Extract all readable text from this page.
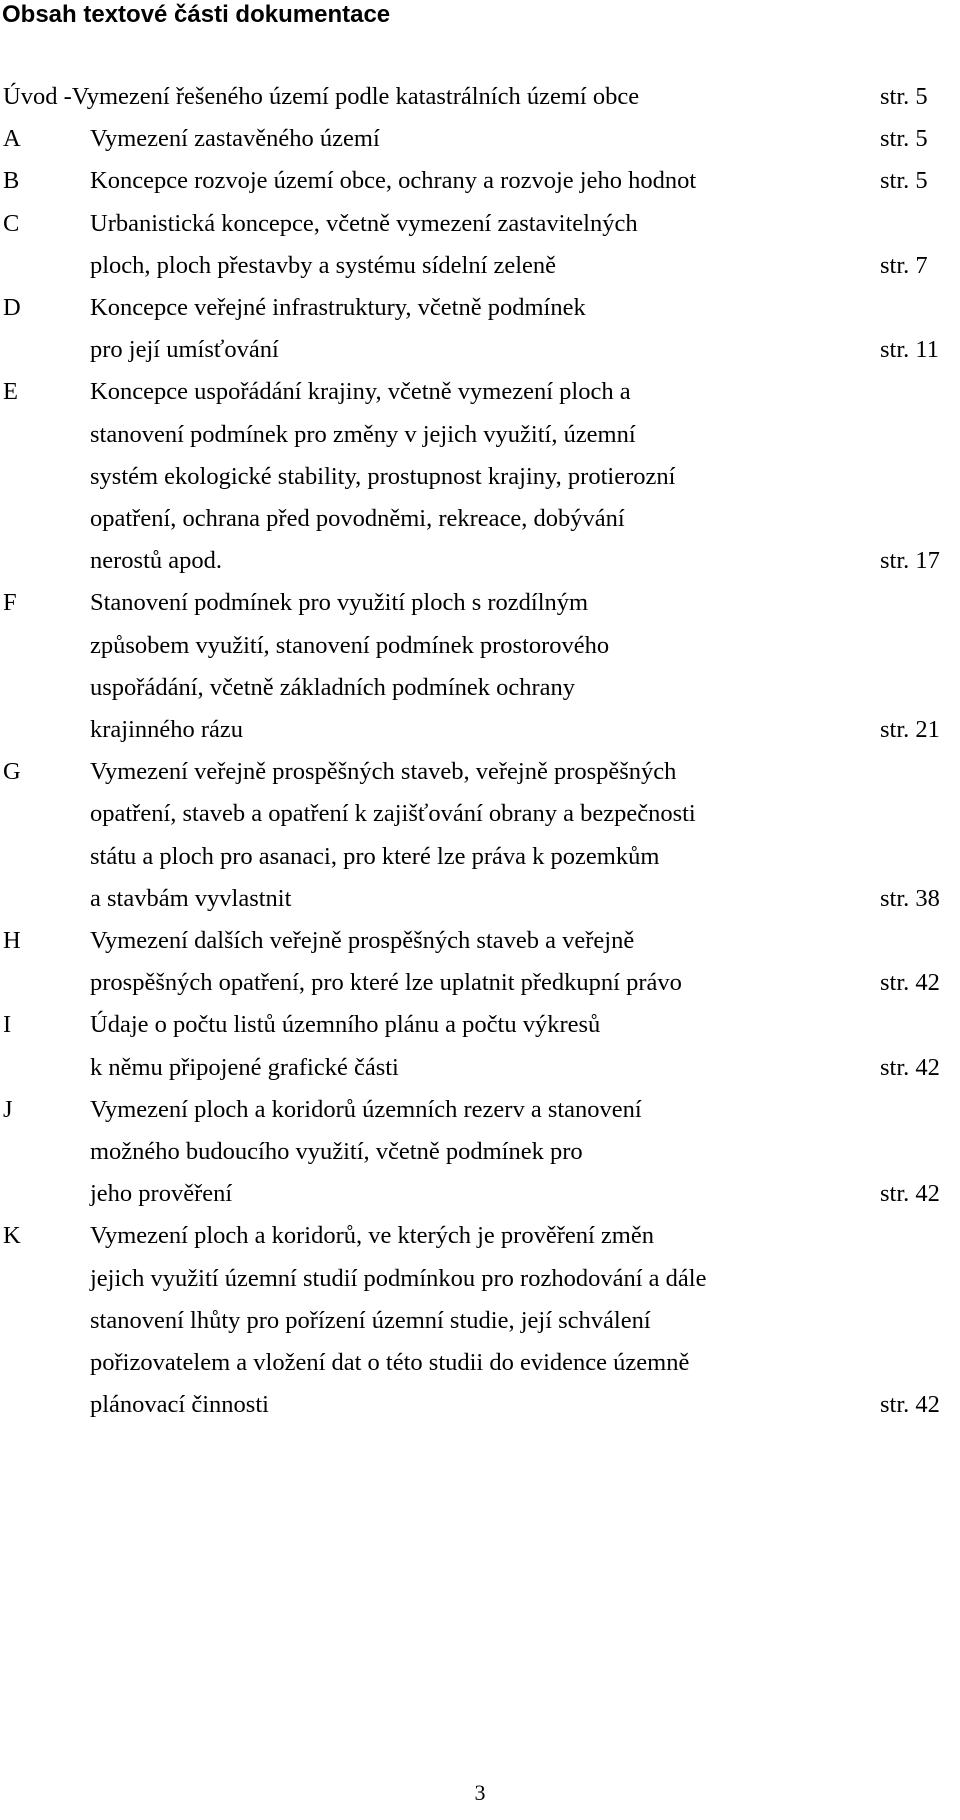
Obsah textové části dokumentace
Úvod -Vymezení řešeného území podle katastrálních území obce	str. 5
A	Vymezení zastavěného území	str. 5
B	Koncepce rozvoje území obce, ochrany a rozvoje jeho hodnot	str. 5
C	Urbanistická koncepce, včetně vymezení zastavitelných
ploch, ploch přestavby a systému sídelní zeleně	str. 7
D	Koncepce veřejné infrastruktury, včetně podmínek
pro její umísťování	str. 11
E	Koncepce uspořádání krajiny, včetně vymezení ploch a
stanovení podmínek pro změny v jejich využití, územní
systém ekologické stability, prostupnost krajiny, protierozní
opatření, ochrana před povodněmi, rekreace, dobývání
nerostů apod.	str. 17
F	Stanovení podmínek pro využití ploch s rozdílným
způsobem využití, stanovení podmínek prostorového
uspořádání, včetně základních podmínek ochrany
krajinného rázu	str. 21
G	Vymezení veřejně prospěšných staveb, veřejně prospěšných
opatření, staveb a opatření k zajišťování obrany a bezpečnosti
státu a ploch pro asanaci, pro které lze práva k pozemkům
a stavbám vyvlastnit	str. 38
H	Vymezení dalších veřejně prospěšných staveb a veřejně
prospěšných opatření, pro které lze uplatnit předkupní právo	str. 42
I	Údaje o počtu listů územního plánu a počtu výkresů
k němu připojené grafické části	str. 42
J	Vymezení ploch a koridorů územních rezerv a stanovení
možného budoucího využití, včetně podmínek pro
jeho prověření	str. 42
K	Vymezení ploch a koridorů, ve kterých je prověření změn
jejich využití územní studií podmínkou pro rozhodování a dále
stanovení lhůty pro pořízení územní studie, její schválení
pořizovatelem a vložení dat o této studii do evidence územně
plánovací činnosti	str. 42
3
